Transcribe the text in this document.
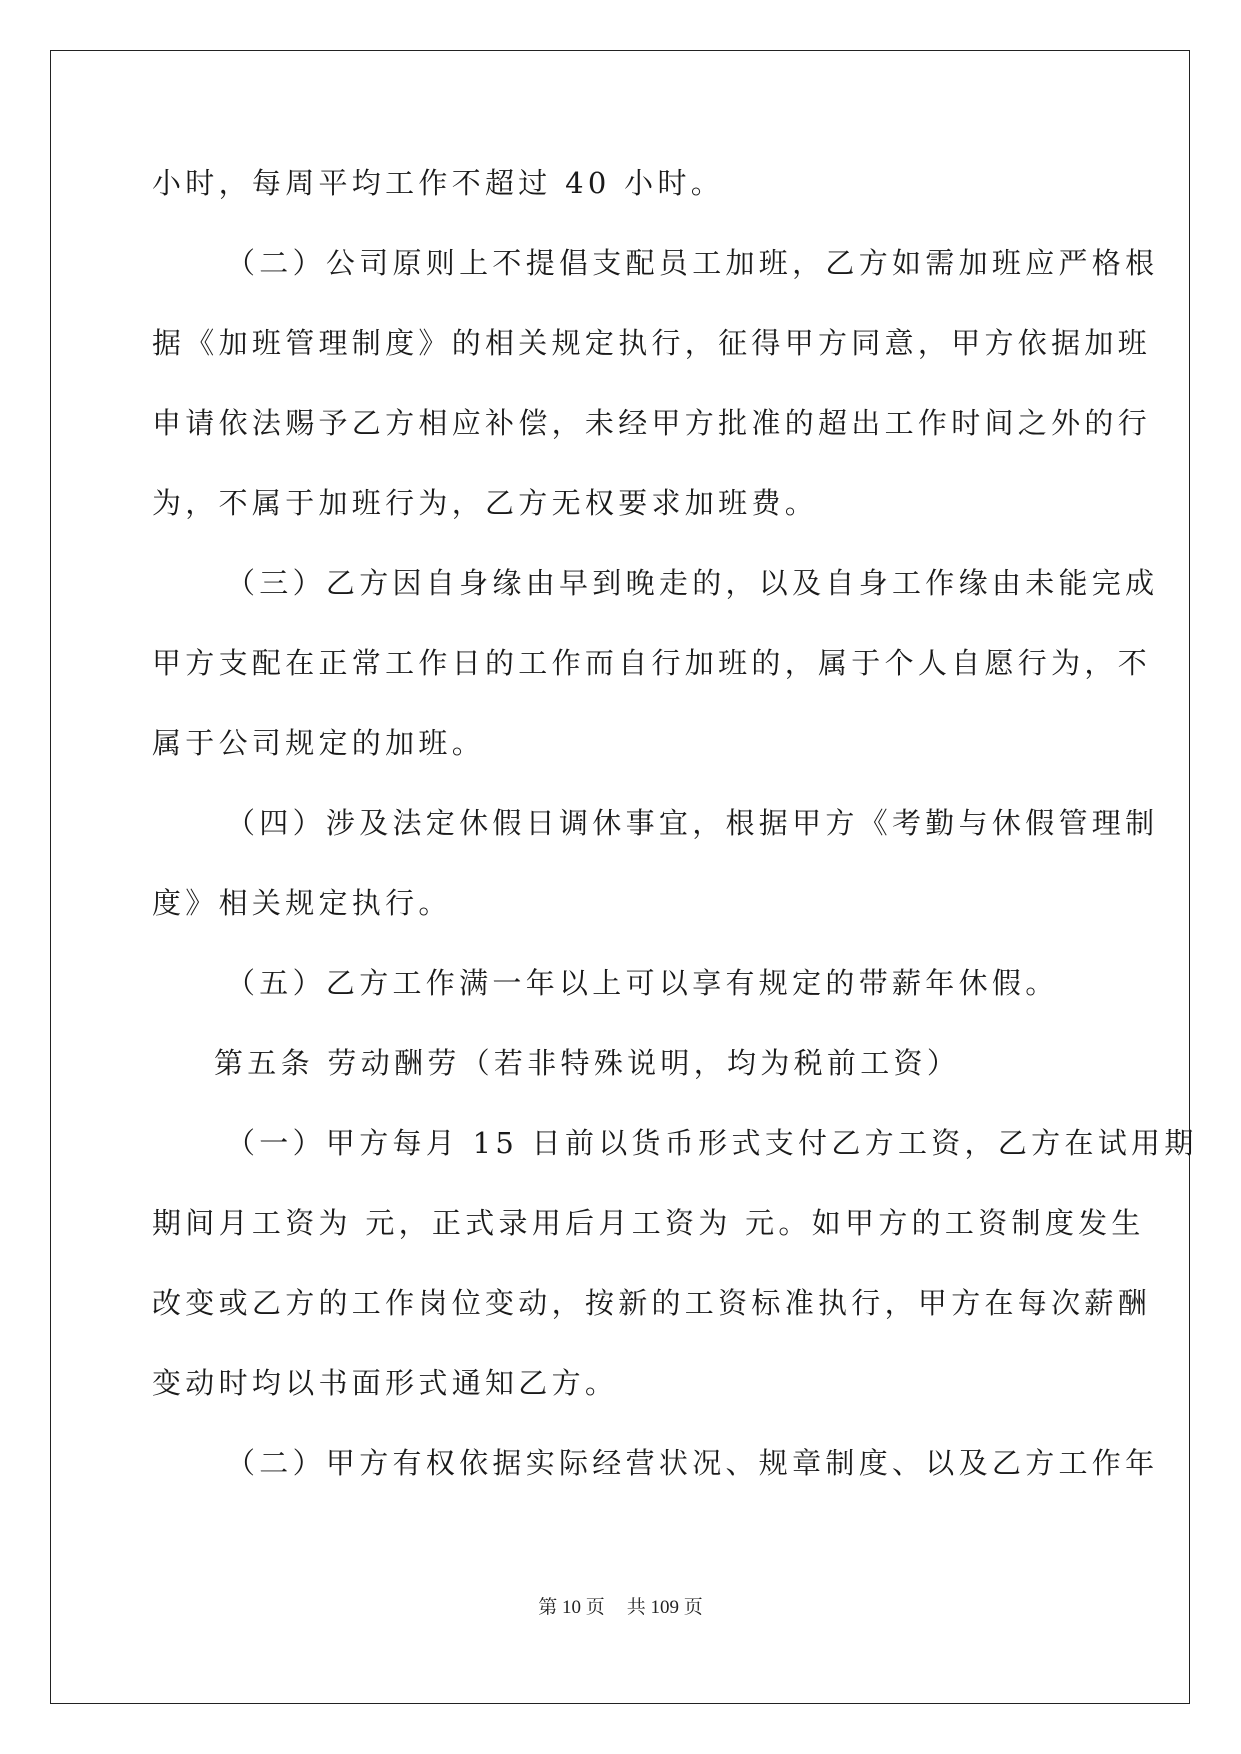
小时，每周平均工作不超过 40 小时。

（二）公司原则上不提倡支配员工加班，乙方如需加班应严格根

据《加班管理制度》的相关规定执行，征得甲方同意，甲方依据加班

申请依法赐予乙方相应补偿，未经甲方批准的超出工作时间之外的行

为，不属于加班行为，乙方无权要求加班费。

（三）乙方因自身缘由早到晚走的，以及自身工作缘由未能完成

甲方支配在正常工作日的工作而自行加班的，属于个人自愿行为，不

属于公司规定的加班。

（四）涉及法定休假日调休事宜，根据甲方《考勤与休假管理制

度》相关规定执行。

（五）乙方工作满一年以上可以享有规定的带薪年休假。

第五条 劳动酬劳（若非特殊说明，均为税前工资）

（一）甲方每月 15 日前以货币形式支付乙方工资，乙方在试用期

期间月工资为 元，正式录用后月工资为 元。如甲方的工资制度发生

改变或乙方的工作岗位变动，按新的工资标准执行，甲方在每次薪酬

变动时均以书面形式通知乙方。

（二）甲方有权依据实际经营状况、规章制度、以及乙方工作年

第 10 页 共 109 页
